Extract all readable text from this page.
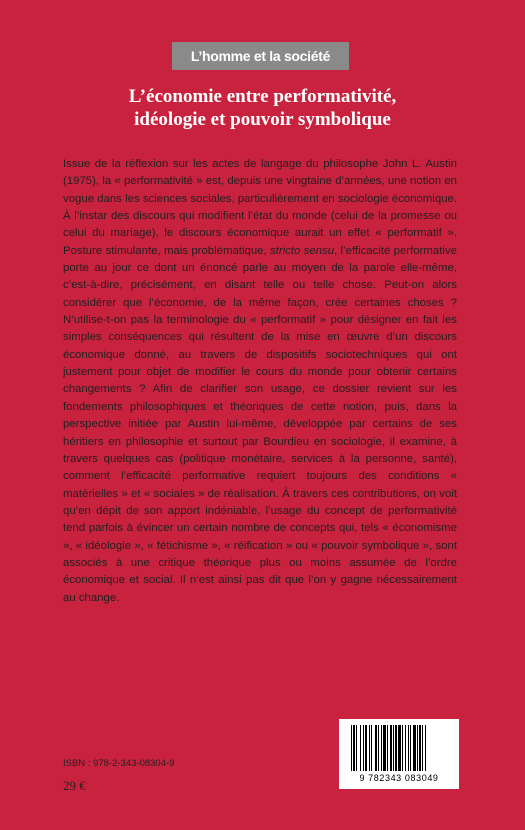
L’homme et la société
L’économie entre performativité,
idéologie et pouvoir symbolique
Issue de la réflexion sur les actes de langage du philosophe John L. Austin (1975), la « performativité » est, depuis une vingtaine d’années, une notion en vogue dans les sciences sociales, particulièrement en sociologie économique. À l’instar des discours qui modifient l’état du monde (celui de la promesse ou celui du mariage), le discours économique aurait un effet « performatif ». Posture stimulante, mais problématique, stricto sensu, l’efficacité performative porte au jour ce dont un énoncé parle au moyen de la parole elle-même, c’est-à-dire, précisément, en disant telle ou telle chose. Peut-on alors considérer que l’économie, de la même façon, crée certaines choses ? N’utilise-t-on pas la terminologie du « performatif » pour désigner en fait les simples conséquences qui résultent de la mise en œuvre d’un discours économique donné, au travers de dispositifs sociotechniques qui ont justement pour objet de modifier le cours du monde pour obtenir certains changements ? Afin de clarifier son usage, ce dossier revient sur les fondements philosophiques et théoriques de cette notion, puis, dans la perspective initiée par Austin lui-même, développée par certains de ses héritiers en philosophie et surtout par Bourdieu en sociologie, il examine, à travers quelques cas (politique monétaire, services à la personne, santé), comment l’efficacité performative requiert toujours des conditions « matérielles » et « sociales » de réalisation. À travers ces contributions, on voit qu’en dépit de son apport indéniable, l’usage du concept de performativité tend parfois à évincer un certain nombre de concepts qui, tels « économisme », « idéologie », « fétichisme », « réification » ou « pouvoir symbolique », sont associés à une critique théorique plus ou moins assumée de l’ordre économique et social. Il n’est ainsi pas dit que l’on y gagne nécessairement au change.
ISBN : 978-2-343-08304-9
29 €	9 782343 083049
